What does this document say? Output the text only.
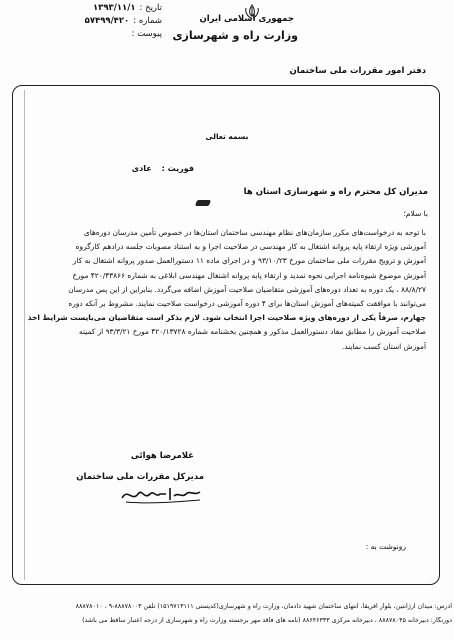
تاریخ :۱۳۹۳/۱۱/۱
شماره :۵۷۴۹۹/۴۲۰
پیوست :
جمهوری اسلامی ایران
وزارت راه و شهرسازی
دفتر امور مقررات ملی ساختمان
بسمه تعالی
فوریت :عادی
مدیران کل محترم راه و شهرسازی استان ها
با سلام؛
با توجه به درخواست‌های مکرر سازمان‌های نظام مهندسی ساختمان استان‌ها در خصوص تأمین مدرسان دوره‌های
آموزشی ویژه ارتقاء پایه پروانه اشتغال به کار مهندسی در صلاحیت اجرا و به استناد مصوبات جلسه درادهم کارگروه
آموزش و ترویج مقررات ملی ساختمان مورخ ۹۳/۱۰/۲۳ و در اجرای ماده ۱۱ دستورالعمل صدور پروانه اشتغال به کار
آموزش موضوع شیوه‌نامه اجرایی نحوه تمدید و ارتقاء پایه پروانه اشتغال مهندسی ابلاغی به شماره ۴۲۰/۴۳۸۶۶ مورخ
۸۸/۸/۲۷ ، یک دوره به تعداد دوره‌های آموزشی متقاضیان صلاحیت آموزش اضافه می‌گردد. بنابراین از این پس مدرسان
می‌توانند با موافقت کمیته‌های آموزش استان‌ها برای ۴ دوره آموزشی درخواست صلاحیت نمایند. مشروط بر آنکه دوره
چهارم، صرفاً یکی از دوره‌های ویژه صلاحیت اجرا انتخاب شود. لازم بذکر است متقاضیان می‌بایست شرایط اخذ
صلاحیت آموزش را مطابق مفاد دستورالعمل مذکور و همچنین بخشنامه شماره ۴۲۰/۱۳۷۲۸ مورخ ۹۳/۳/۲۱ از کمیته
آموزش استان کسب نمایند.
غلامرضا هوائی
مدیرکل مقررات ملی ساختمان
رونوشت به :
آدرس: میدان آرژانتین، بلوار آفریقا، انتهای ساختمان شهید دادمان، وزارت راه و شهرسازی(کدپستی ۱۵۱۹۷۱۳۱۱۱) تلفن ۸۸۸۷۸۰۰۳-۹ ، ۸۸۸۷۸۰۱۰
دورنگار: دبیرخانه ۸۸۸۷۸۰۴۵ ، دبیرخانه مرکزی ۸۸۶۴۶۳۳۳ (نامه های فاقد مهر برجسته وزارت راه و شهرسازی از درجه اعتبار ساقط می باشد)
